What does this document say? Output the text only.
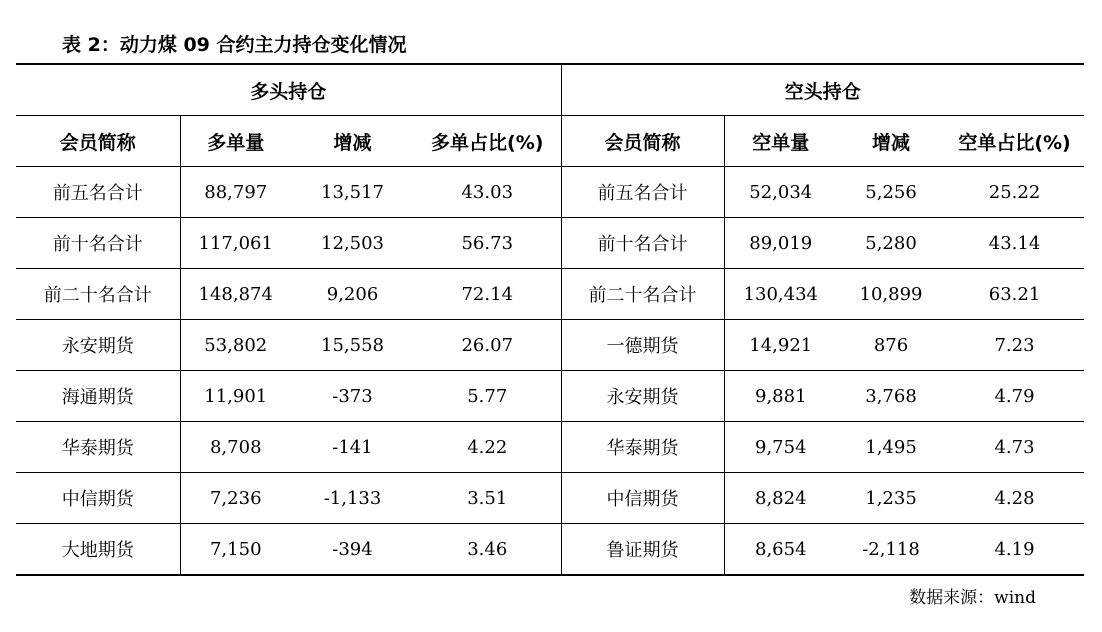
表 2：动力煤 09 合约主力持仓变化情况
多头持仓				空头持仓			
会员简称	多单量	增减	多单占比(%)	会员简称	空单量	增减	空单占比(%)
前五名合计	88,797	13,517	43.03	前五名合计	52,034	5,256	25.22
前十名合计	117,061	12,503	56.73	前十名合计	89,019	5,280	43.14
前二十名合计	148,874	9,206	72.14	前二十名合计	130,434	10,899	63.21
永安期货	53,802	15,558	26.07	一德期货	14,921	876	7.23
海通期货	11,901	-373	5.77	永安期货	9,881	3,768	4.79
华泰期货	8,708	-141	4.22	华泰期货	9,754	1,495	4.73
中信期货	7,236	-1,133	3.51	中信期货	8,824	1,235	4.28
大地期货	7,150	-394	3.46	鲁证期货	8,654	-2,118	4.19
数据来源：wind
